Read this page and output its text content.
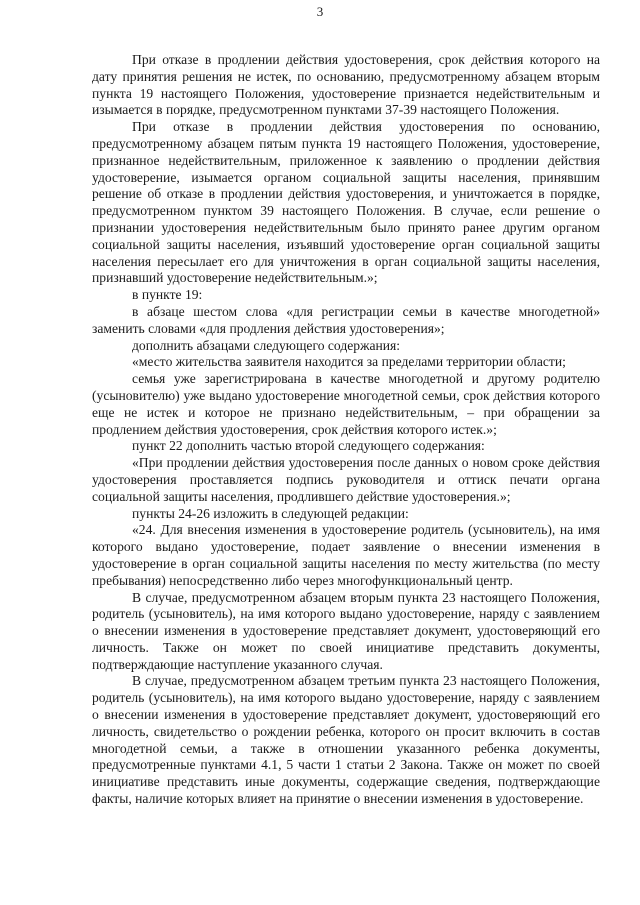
3

При отказе в продлении действия удостоверения, срок действия которого на дату принятия решения не истек, по основанию, предусмотренному абзацем вторым пункта 19 настоящего Положения, удостоверение признается недействительным и изымается в порядке, предусмотренном пунктами 37-39 настоящего Положения.

При отказе в продлении действия удостоверения по основанию, предусмотренному абзацем пятым пункта 19 настоящего Положения, удостоверение, признанное недействительным, приложенное к заявлению о продлении действия удостоверение, изымается органом социальной защиты населения, принявшим решение об отказе в продлении действия удостоверения, и уничтожается в порядке, предусмотренном пунктом 39 настоящего Положения. В случае, если решение о признании удостоверения недействительным было принято ранее другим органом социальной защиты населения, изъявший удостоверение орган социальной защиты населения пересылает его для уничтожения в орган социальной защиты населения, признавший удостоверение недействительным.»;

в пункте 19:

в абзаце шестом слова «для регистрации семьи в качестве многодетной» заменить словами «для продления действия удостоверения»;

дополнить абзацами следующего содержания:

«место жительства заявителя находится за пределами территории области;

семья уже зарегистрирована в качестве многодетной и другому родителю (усыновителю) уже выдано удостоверение многодетной семьи, срок действия которого еще не истек и которое не признано недействительным, – при обращении за продлением действия удостоверения, срок действия которого истек.»;

пункт 22 дополнить частью второй следующего содержания:

«При продлении действия удостоверения после данных о новом сроке действия удостоверения проставляется подпись руководителя и оттиск печати органа социальной защиты населения, продлившего действие удостоверения.»;

пункты 24-26 изложить в следующей редакции:

«24. Для внесения изменения в удостоверение родитель (усыновитель), на имя которого выдано удостоверение, подает заявление о внесении изменения в удостоверение в орган социальной защиты населения по месту жительства (по месту пребывания) непосредственно либо через многофункциональный центр.

В случае, предусмотренном абзацем вторым пункта 23 настоящего Положения, родитель (усыновитель), на имя которого выдано удостоверение, наряду с заявлением о внесении изменения в удостоверение представляет документ, удостоверяющий его личность. Также он может по своей инициативе представить документы, подтверждающие наступление указанного случая.

В случае, предусмотренном абзацем третьим пункта 23 настоящего Положения, родитель (усыновитель), на имя которого выдано удостоверение, наряду с заявлением о внесении изменения в удостоверение представляет документ, удостоверяющий его личность, свидетельство о рождении ребенка, которого он просит включить в состав многодетной семьи, а также в отношении указанного ребенка документы, предусмотренные пунктами 4.1, 5 части 1 статьи 2 Закона. Также он может по своей инициативе представить иные документы, содержащие сведения, подтверждающие факты, наличие которых влияет на принятие о внесении изменения в удостоверение.
